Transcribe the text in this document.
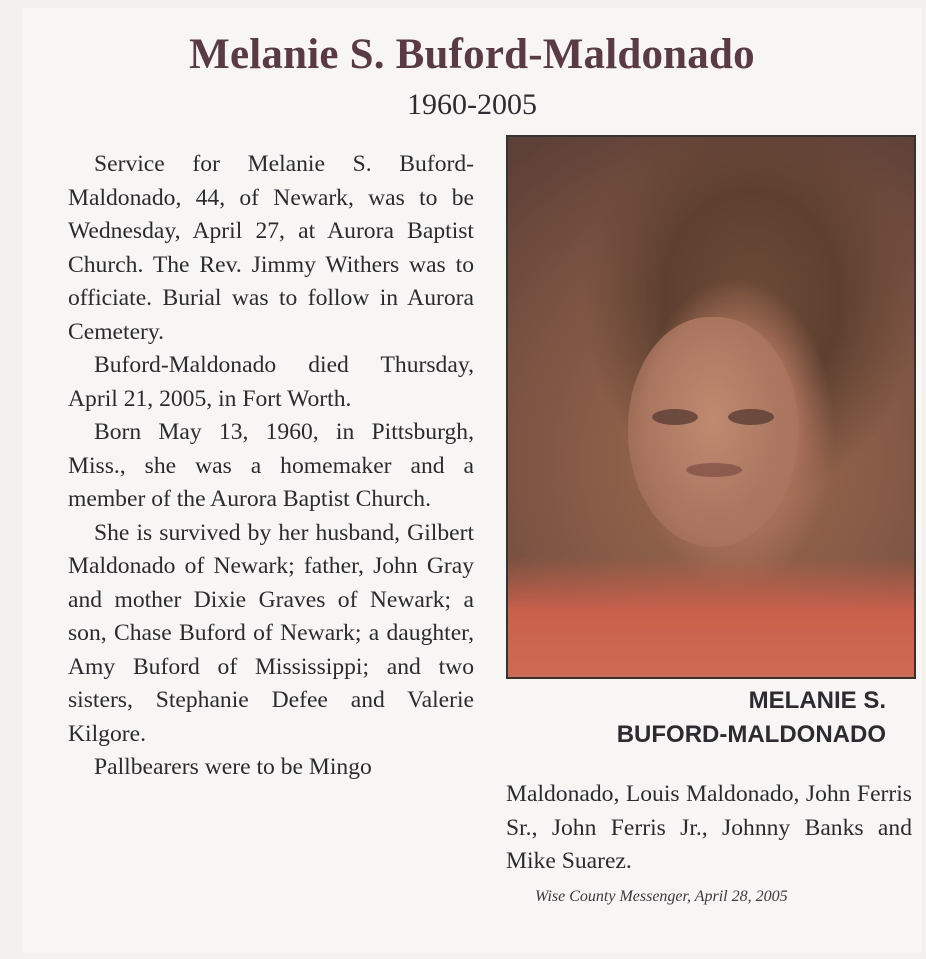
Melanie S. Buford-Maldonado
1960-2005

Service for Melanie S. Buford-Maldonado, 44, of Newark, was to be Wednesday, April 27, at Aurora Baptist Church. The Rev. Jimmy Withers was to officiate. Burial was to follow in Aurora Cemetery.

Buford-Maldonado died Thursday, April 21, 2005, in Fort Worth.

Born May 13, 1960, in Pittsburgh, Miss., she was a homemaker and a member of the Aurora Baptist Church.

She is survived by her husband, Gilbert Maldonado of Newark; father, John Gray and mother Dixie Graves of Newark; a son, Chase Buford of Newark; a daughter, Amy Buford of Mississippi; and two sisters, Stephanie Defee and Valerie Kilgore.

Pallbearers were to be Mingo

MELANIE S.
BUFORD-MALDONADO

Maldonado, Louis Maldonado, John Ferris Sr., John Ferris Jr., Johnny Banks and Mike Suarez.

Wise County Messenger, April 28, 2005
